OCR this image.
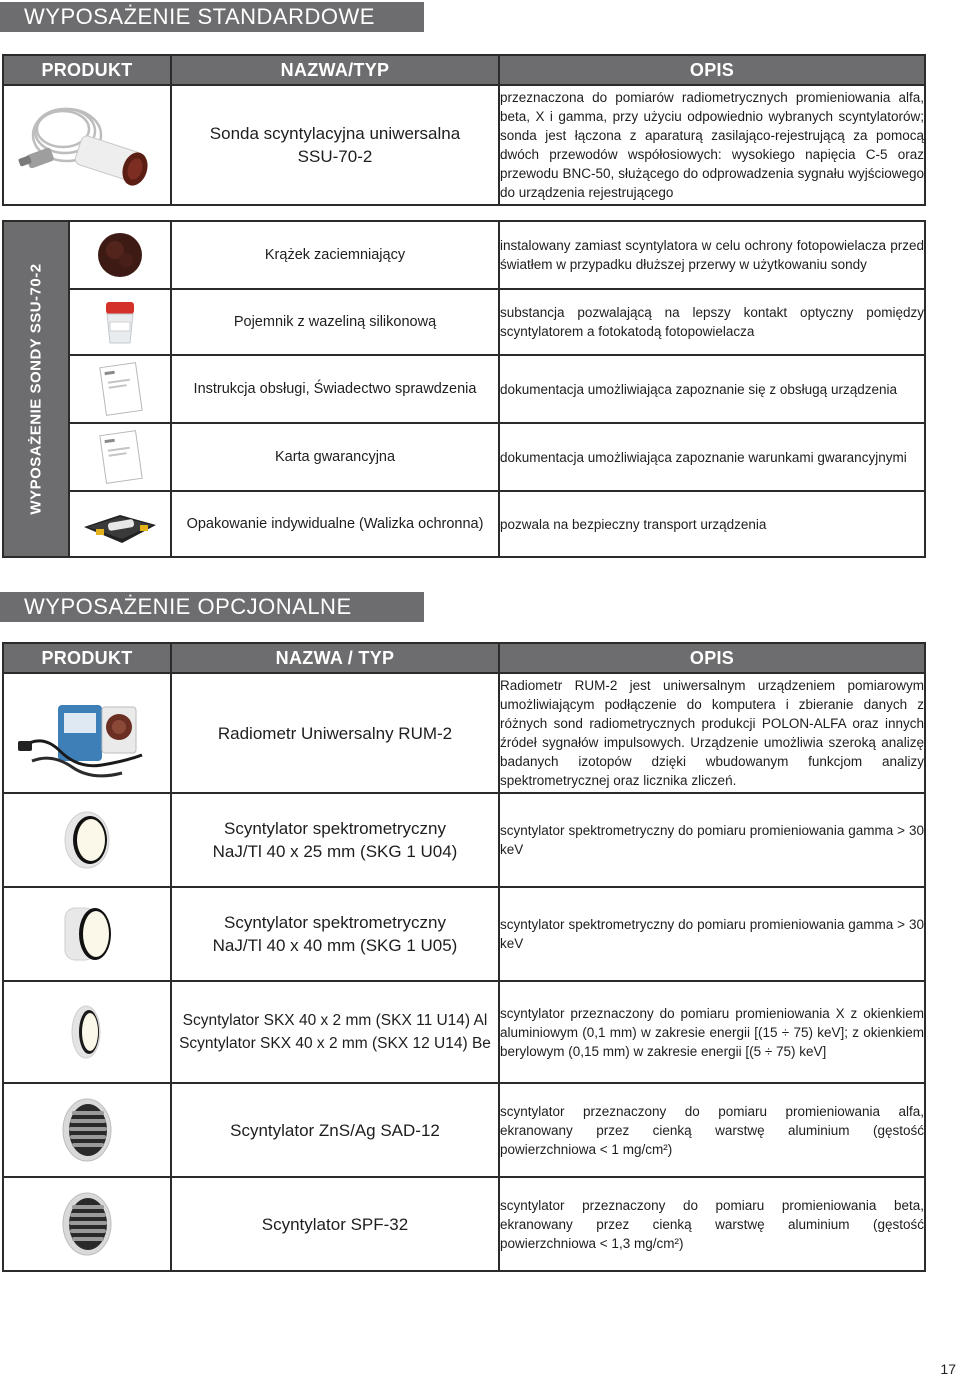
WYPOSAŻENIE STANDARDOWE
PRODUKT	NAZWA/TYP	OPIS

Sonda scyntylacyjna uniwersalna
SSU-70-2	przeznaczona do pomiarów radiometrycznych promieniowania alfa, beta, X i gamma, przy użyciu odpowiednio wybranych scyntylatorów; sonda jest łączona z aparaturą zasilająco-rejestrującą za pomocą dwóch przewodów współosiowych: wysokiego napięcia C-5 oraz przewodu BNC-50, służącego do odprowadzenia sygnału wyjściowego do urządzenia rejestrującego
WYPOSAŻENIE SONDY SSU-70-2		Krążek zaciemniający	instalowany zamiast scyntylatora w celu ochrony fotopowielacza przed światłem w przypadku dłuższej przerwy w użytkowaniu sondy
	Pojemnik z wazeliną silikonową	substancja pozwalającą na lepszy kontakt optyczny pomiędzy scyntylatorem a fotokatodą fotopowielacza
	Instrukcja obsługi, Świadectwo sprawdzenia	dokumentacja umożliwiająca zapoznanie się z obsługą urządzenia
	Karta gwarancyjna	dokumentacja umożliwiająca zapoznanie warunkami gwarancyjnymi
	Opakowanie indywidualne (Walizka ochronna)	pozwala na bezpieczny transport urządzenia
WYPOSAŻENIE OPCJONALNE
PRODUKT	NAZWA / TYP	OPIS

Radiometr Uniwersalny RUM-2	Radiometr RUM-2 jest uniwersalnym urządzeniem pomiarowym umożliwiającym podłączenie do komputera i zbieranie danych z różnych sond radiometrycznych produkcji POLON-ALFA oraz innych źródeł sygnałów impulsowych. Urządzenie umożliwia szeroką analizę badanych izotopów dzięki wbudowanym funkcjom analizy spektrometrycznej oraz licznika zliczeń.

Scyntylator spektrometryczny
NaJ/Tl 40 x 25 mm (SKG 1 U04)	scyntylator spektrometryczny do pomiaru promieniowania gamma > 30 keV

Scyntylator spektrometryczny
NaJ/Tl 40 x 40 mm (SKG 1 U05)	scyntylator spektrometryczny do pomiaru promieniowania gamma > 30 keV

Scyntylator SKX 40 x 2 mm (SKX 11 U14) Al
Scyntylator SKX 40 x 2 mm (SKX 12 U14) Be	scyntylator przeznaczony do pomiaru promieniowania X z okienkiem aluminiowym (0,1 mm) w zakresie energii [(15 ÷ 75) keV]; z okienkiem berylowym (0,15 mm) w zakresie energii [(5 ÷ 75) keV]

Scyntylator ZnS/Ag SAD-12	scyntylator przeznaczony do pomiaru promieniowania alfa, ekranowany przez cienką warstwę aluminium (gęstość powierzchniowa < 1 mg/cm²)

Scyntylator SPF-32	scyntylator przeznaczony do pomiaru promieniowania beta, ekranowany przez cienką warstwę aluminium (gęstość powierzchniowa < 1,3 mg/cm²)
17
